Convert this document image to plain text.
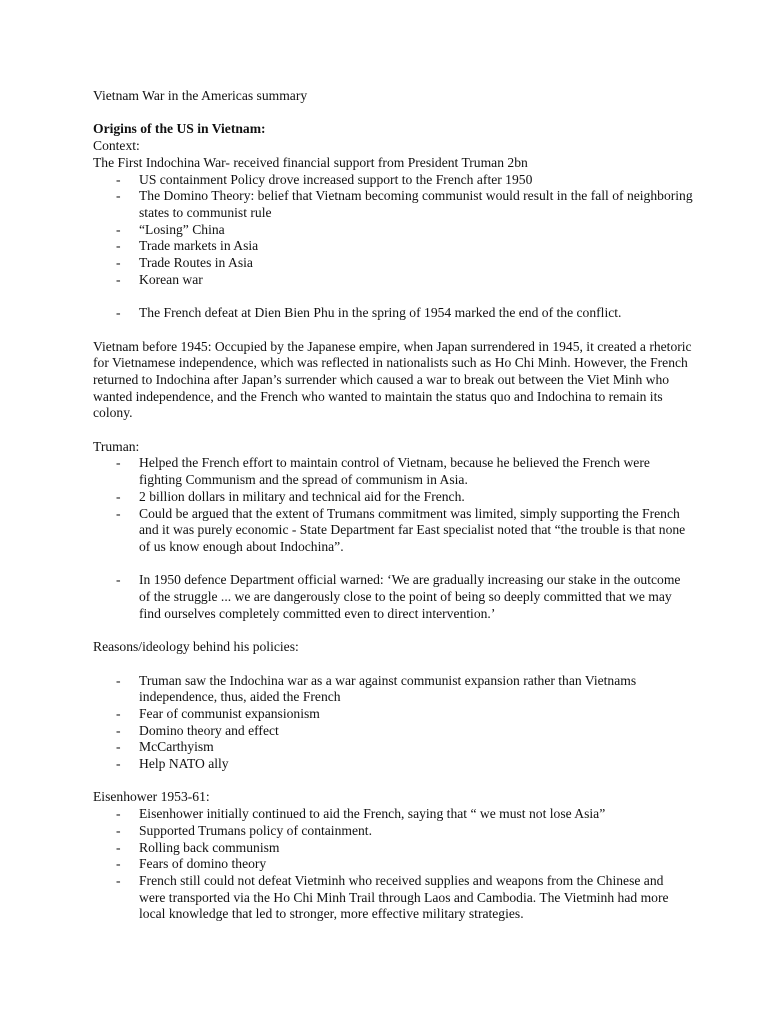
Vietnam War in the Americas summary

Origins of the US in Vietnam:

Context:

The First Indochina War- received financial support from President Truman 2bn

- US containment Policy drove increased support to the French after 1950
- The Domino Theory: belief that Vietnam becoming communist would result in the fall of neighboring states to communist rule
- “Losing” China
- Trade markets in Asia
- Trade Routes in Asia
- Korean war
- The French defeat at Dien Bien Phu in the spring of 1954 marked the end of the conflict.

Vietnam before 1945: Occupied by the Japanese empire, when Japan surrendered in 1945, it created a rhetoric for Vietnamese independence, which was reflected in nationalists such as Ho Chi Minh. However, the French returned to Indochina after Japan’s surrender which caused a war to break out between the Viet Minh who wanted independence, and the French who wanted to maintain the status quo and Indochina to remain its colony.

Truman:

- Helped the French effort to maintain control of Vietnam, because he believed the French were fighting Communism and the spread of communism in Asia.
- 2 billion dollars in military and technical aid for the French.
- Could be argued that the extent of Trumans commitment was limited, simply supporting the French and it was purely economic - State Department far East specialist noted that “the trouble is that none of us know enough about Indochina”.
- In 1950 defence Department official warned: ‘We are gradually increasing our stake in the outcome of the struggle ... we are dangerously close to the point of being so deeply committed that we may find ourselves completely committed even to direct intervention.’

Reasons/ideology behind his policies:

- Truman saw the Indochina war as a war against communist expansion rather than Vietnams independence, thus, aided the French
- Fear of communist expansionism
- Domino theory and effect
- McCarthyism
- Help NATO ally

Eisenhower 1953-61:

- Eisenhower initially continued to aid the French, saying that “ we must not lose Asia”
- Supported Trumans policy of containment.
- Rolling back communism
- Fears of domino theory
- French still could not defeat Vietminh who received supplies and weapons from the Chinese and were transported via the Ho Chi Minh Trail through Laos and Cambodia. The Vietminh had more local knowledge that led to stronger, more effective military strategies.
